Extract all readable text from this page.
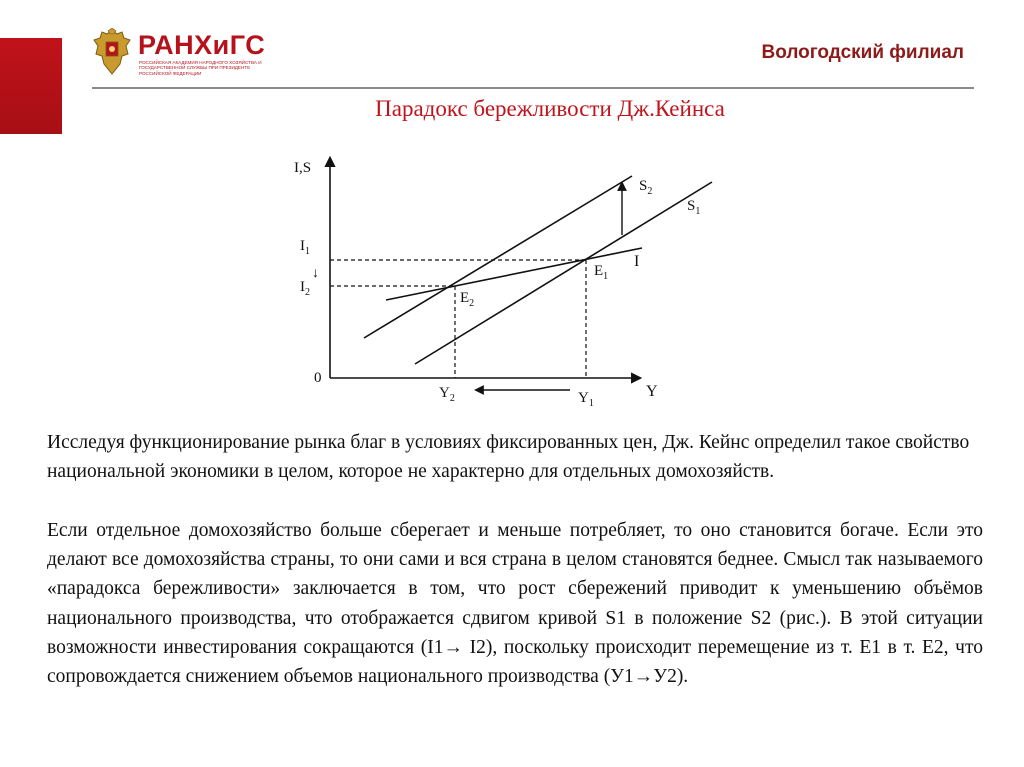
РАНХиГС
РОССИЙСКАЯ АКАДЕМИЯ НАРОДНОГО ХОЗЯЙСТВА И ГОСУДАРСТВЕННОЙ СЛУЖБЫ ПРИ ПРЕЗИДЕНТЕ РОССИЙСКОЙ ФЕДЕРАЦИИ
Вологодский филиал
Парадокс бережливости Дж.Кейнса
I,S
Y
0
$I_1$
↓
$I_2$
$S_2$
$S_1$
I
$E_1$
$E_2$
$Y_1$
$Y_2$
Исследуя функционирование рынка благ в условиях фиксированных цен, Дж. Кейнс определил такое свойство национальной экономики в целом, которое не характерно для отдельных домохозяйств.
Если отдельное домохозяйство больше сберегает и меньше потребляет, то оно становится богаче. Если это делают все домохозяйства страны, то они сами и вся страна в целом становятся беднее. Смысл так называемого «парадокса бережливости» заключается в том, что рост сбережений приводит к уменьшению объёмов национального производства, что отображается сдвигом кривой S1 в положение S2 (рис.). В этой ситуации возможности инвестирования сокращаются (I1→ I2), поскольку происходит перемещение из т. E1 в т. E2, что сопровождается снижением объемов национального производства (У1→У2).
